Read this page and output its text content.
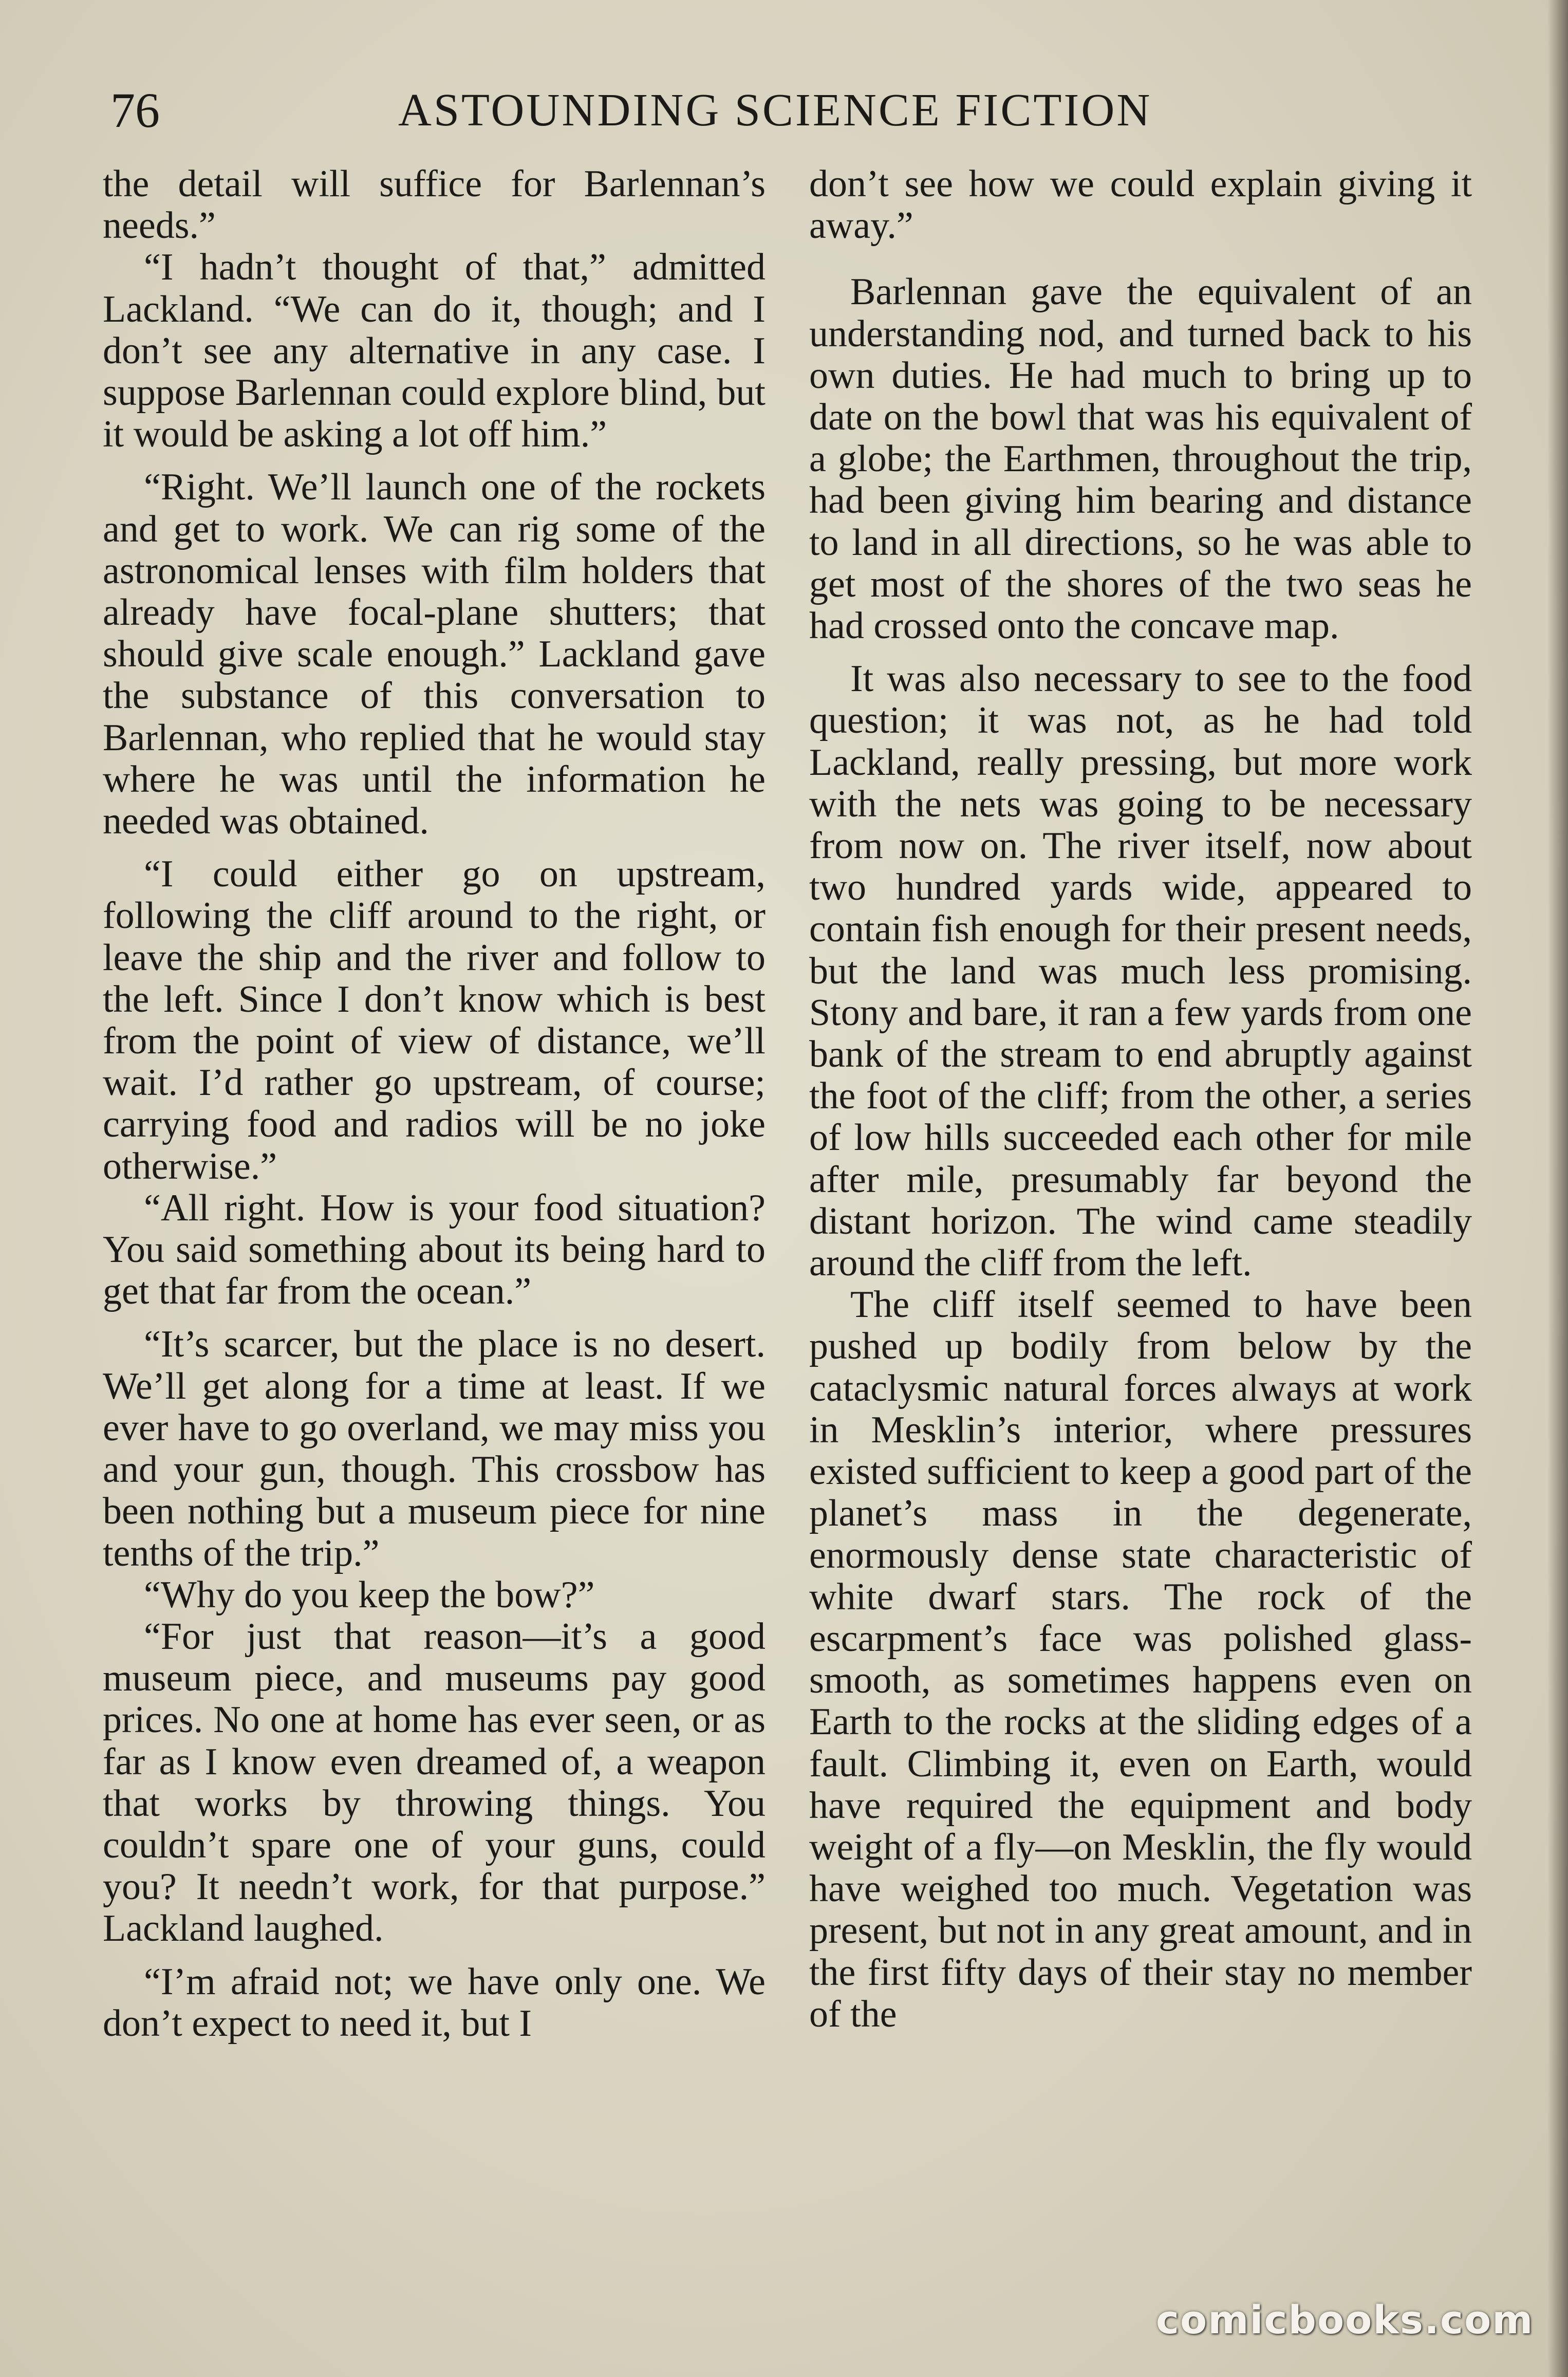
76	ASTOUNDING SCIENCE FICTION

the detail will suffice for Barlennan’s needs.”

“I hadn’t thought of that,” admitted Lackland. “We can do it, though; and I don’t see any alternative in any case. I suppose Barlennan could explore blind, but it would be asking a lot off him.”

“Right. We’ll launch one of the rockets and get to work. We can rig some of the astronomical lenses with film holders that already have focal-plane shutters; that should give scale enough.” Lackland gave the substance of this conversation to Barlennan, who replied that he would stay where he was until the information he needed was obtained.

“I could either go on upstream, following the cliff around to the right, or leave the ship and the river and follow to the left. Since I don’t know which is best from the point of view of distance, we’ll wait. I’d rather go upstream, of course; carrying food and radios will be no joke otherwise.”

“All right. How is your food situation? You said something about its being hard to get that far from the ocean.”

“It’s scarcer, but the place is no desert. We’ll get along for a time at least. If we ever have to go overland, we may miss you and your gun, though. This crossbow has been nothing but a museum piece for nine tenths of the trip.”

“Why do you keep the bow?”

“For just that reason—it’s a good museum piece, and museums pay good prices. No one at home has ever seen, or as far as I know even dreamed of, a weapon that works by throwing things. You couldn’t spare one of your guns, could you? It needn’t work, for that purpose.” Lackland laughed.

“I’m afraid not; we have only one. We don’t expect to need it, but I

don’t see how we could explain giving it away.”

Barlennan gave the equivalent of an understanding nod, and turned back to his own duties. He had much to bring up to date on the bowl that was his equivalent of a globe; the Earthmen, throughout the trip, had been giving him bearing and distance to land in all directions, so he was able to get most of the shores of the two seas he had crossed onto the concave map.

It was also necessary to see to the food question; it was not, as he had told Lackland, really pressing, but more work with the nets was going to be necessary from now on. The river itself, now about two hundred yards wide, appeared to contain fish enough for their present needs, but the land was much less promising. Stony and bare, it ran a few yards from one bank of the stream to end abruptly against the foot of the cliff; from the other, a series of low hills succeeded each other for mile after mile, presumably far beyond the distant horizon. The wind came steadily around the cliff from the left.

The cliff itself seemed to have been pushed up bodily from below by the cataclysmic natural forces always at work in Mesklin’s interior, where pressures existed sufficient to keep a good part of the planet’s mass in the degenerate, enormously dense state characteristic of white dwarf stars. The rock of the escarpment’s face was polished glass-smooth, as sometimes happens even on Earth to the rocks at the sliding edges of a fault. Climbing it, even on Earth, would have required the equipment and body weight of a fly—on Mesklin, the fly would have weighed too much. Vegetation was present, but not in any great amount, and in the first fifty days of their stay no member of the

comicbooks.com
